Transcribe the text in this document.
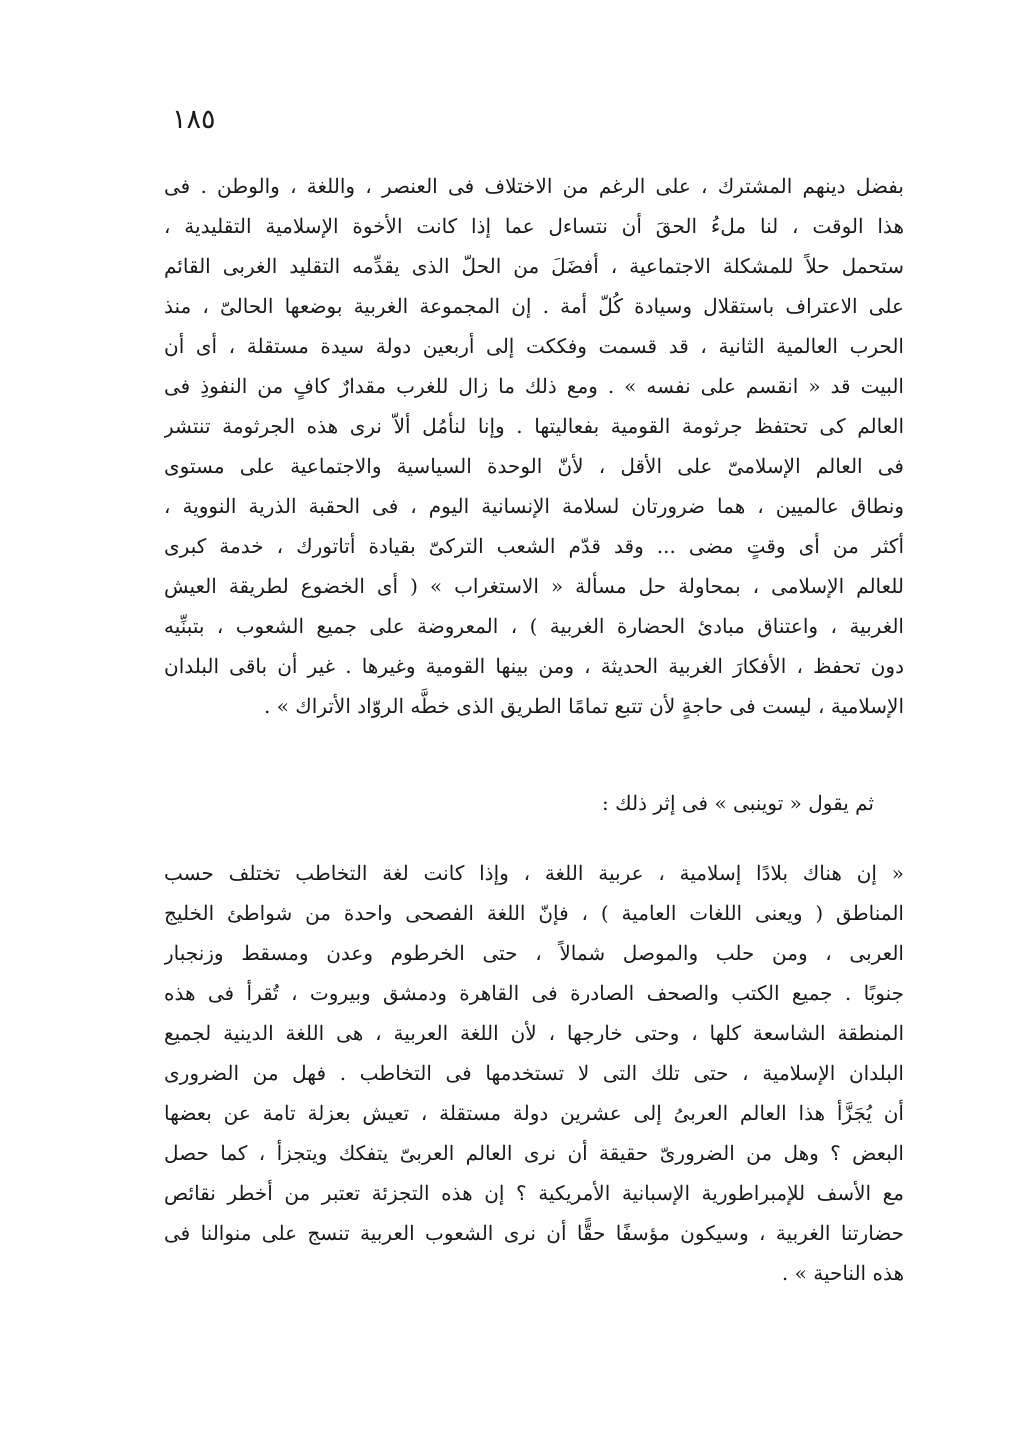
١٨٥
بفضل دينهم المشترك ، على الرغم من الاختلاف فى العنصر ، واللغة ، والوطن . فى
هذا الوقت ، لنا ملءُ الحقَ أن نتساءل عما إذا كانت الأخوة الإسلامية التقليدية ،
ستحمل حلاً للمشكلة الاجتماعية ، أفضَلَ من الحلّ الذى يقدِّمه التقليد الغربى القائم
على الاعتراف باستقلال وسيادة كُلّ أمة . إن المجموعة الغربية بوضعها الحالىّ ، منذ
الحرب العالمية الثانية ، قد قسمت وفككت إلى أربعين دولة سيدة مستقلة ، أى أن
البيت قد « انقسم على نفسه » . ومع ذلك ما زال للغرب مقدارٌ كافٍ من النفوذِ فى
العالم كى تحتفظ جرثومة القومية بفعاليتها . وإنا لنأمُل ألاّ نرى هذه الجرثومة تنتشر
فى العالم الإسلامىّ على الأقل ، لأنّ الوحدة السياسية والاجتماعية على مستوى
ونطاق عالميين ، هما ضرورتان لسلامة الإنسانية اليوم ، فى الحقبة الذرية النووية ،
أكثر من أى وقتٍ مضى ... وقد قدّم الشعب التركىّ بقيادة أتاتورك ، خدمة كبرى
للعالم الإسلامى ، بمحاولة حل مسألة « الاستغراب » ( أى الخضوع لطريقة العيش
الغربية ، واعتناق مبادئ الحضارة الغربية ) ، المعروضة على جميع الشعوب ، بتبنِّيه
دون تحفظ ، الأفكارَ الغربية الحديثة ، ومن بينها القومية وغيرها . غير أن باقى البلدان
الإسلامية ، ليست فى حاجةٍ لأن تتبع تمامًا الطريق الذى خطَّه الروّاد الأتراك » .
ثم يقول « توينبى » فى إثر ذلك :
« إن هناك بلادًا إسلامية ، عربية اللغة ، وإذا كانت لغة التخاطب تختلف حسب
المناطق ( ويعنى اللغات العامية ) ، فإنّ اللغة الفصحى واحدة من شواطئ الخليج
العربى ، ومن حلب والموصل شمالاً ، حتى الخرطوم وعدن ومسقط وزنجبار
جنوبًا . جميع الكتب والصحف الصادرة فى القاهرة ودمشق وبيروت ، تُقرأ فى هذه
المنطقة الشاسعة كلها ، وحتى خارجها ، لأن اللغة العربية ، هى اللغة الدينية لجميع
البلدان الإسلامية ، حتى تلك التى لا تستخدمها فى التخاطب . فهل من الضرورى
أن يُجَزَّأ هذا العالم العربىُ إلى عشرين دولة مستقلة ، تعيش بعزلة تامة عن بعضها
البعض ؟ وهل من الضرورىّ حقيقة أن نرى العالم العربىّ يتفكك ويتجزأ ، كما حصل
مع الأسف للإمبراطورية الإسبانية الأمريكية ؟ إن هذه التجزئة تعتبر من أخطر نقائص
حضارتنا الغربية ، وسيكون مؤسفًا حقًّا أن نرى الشعوب العربية تنسج على منوالنا فى
هذه الناحية » .
